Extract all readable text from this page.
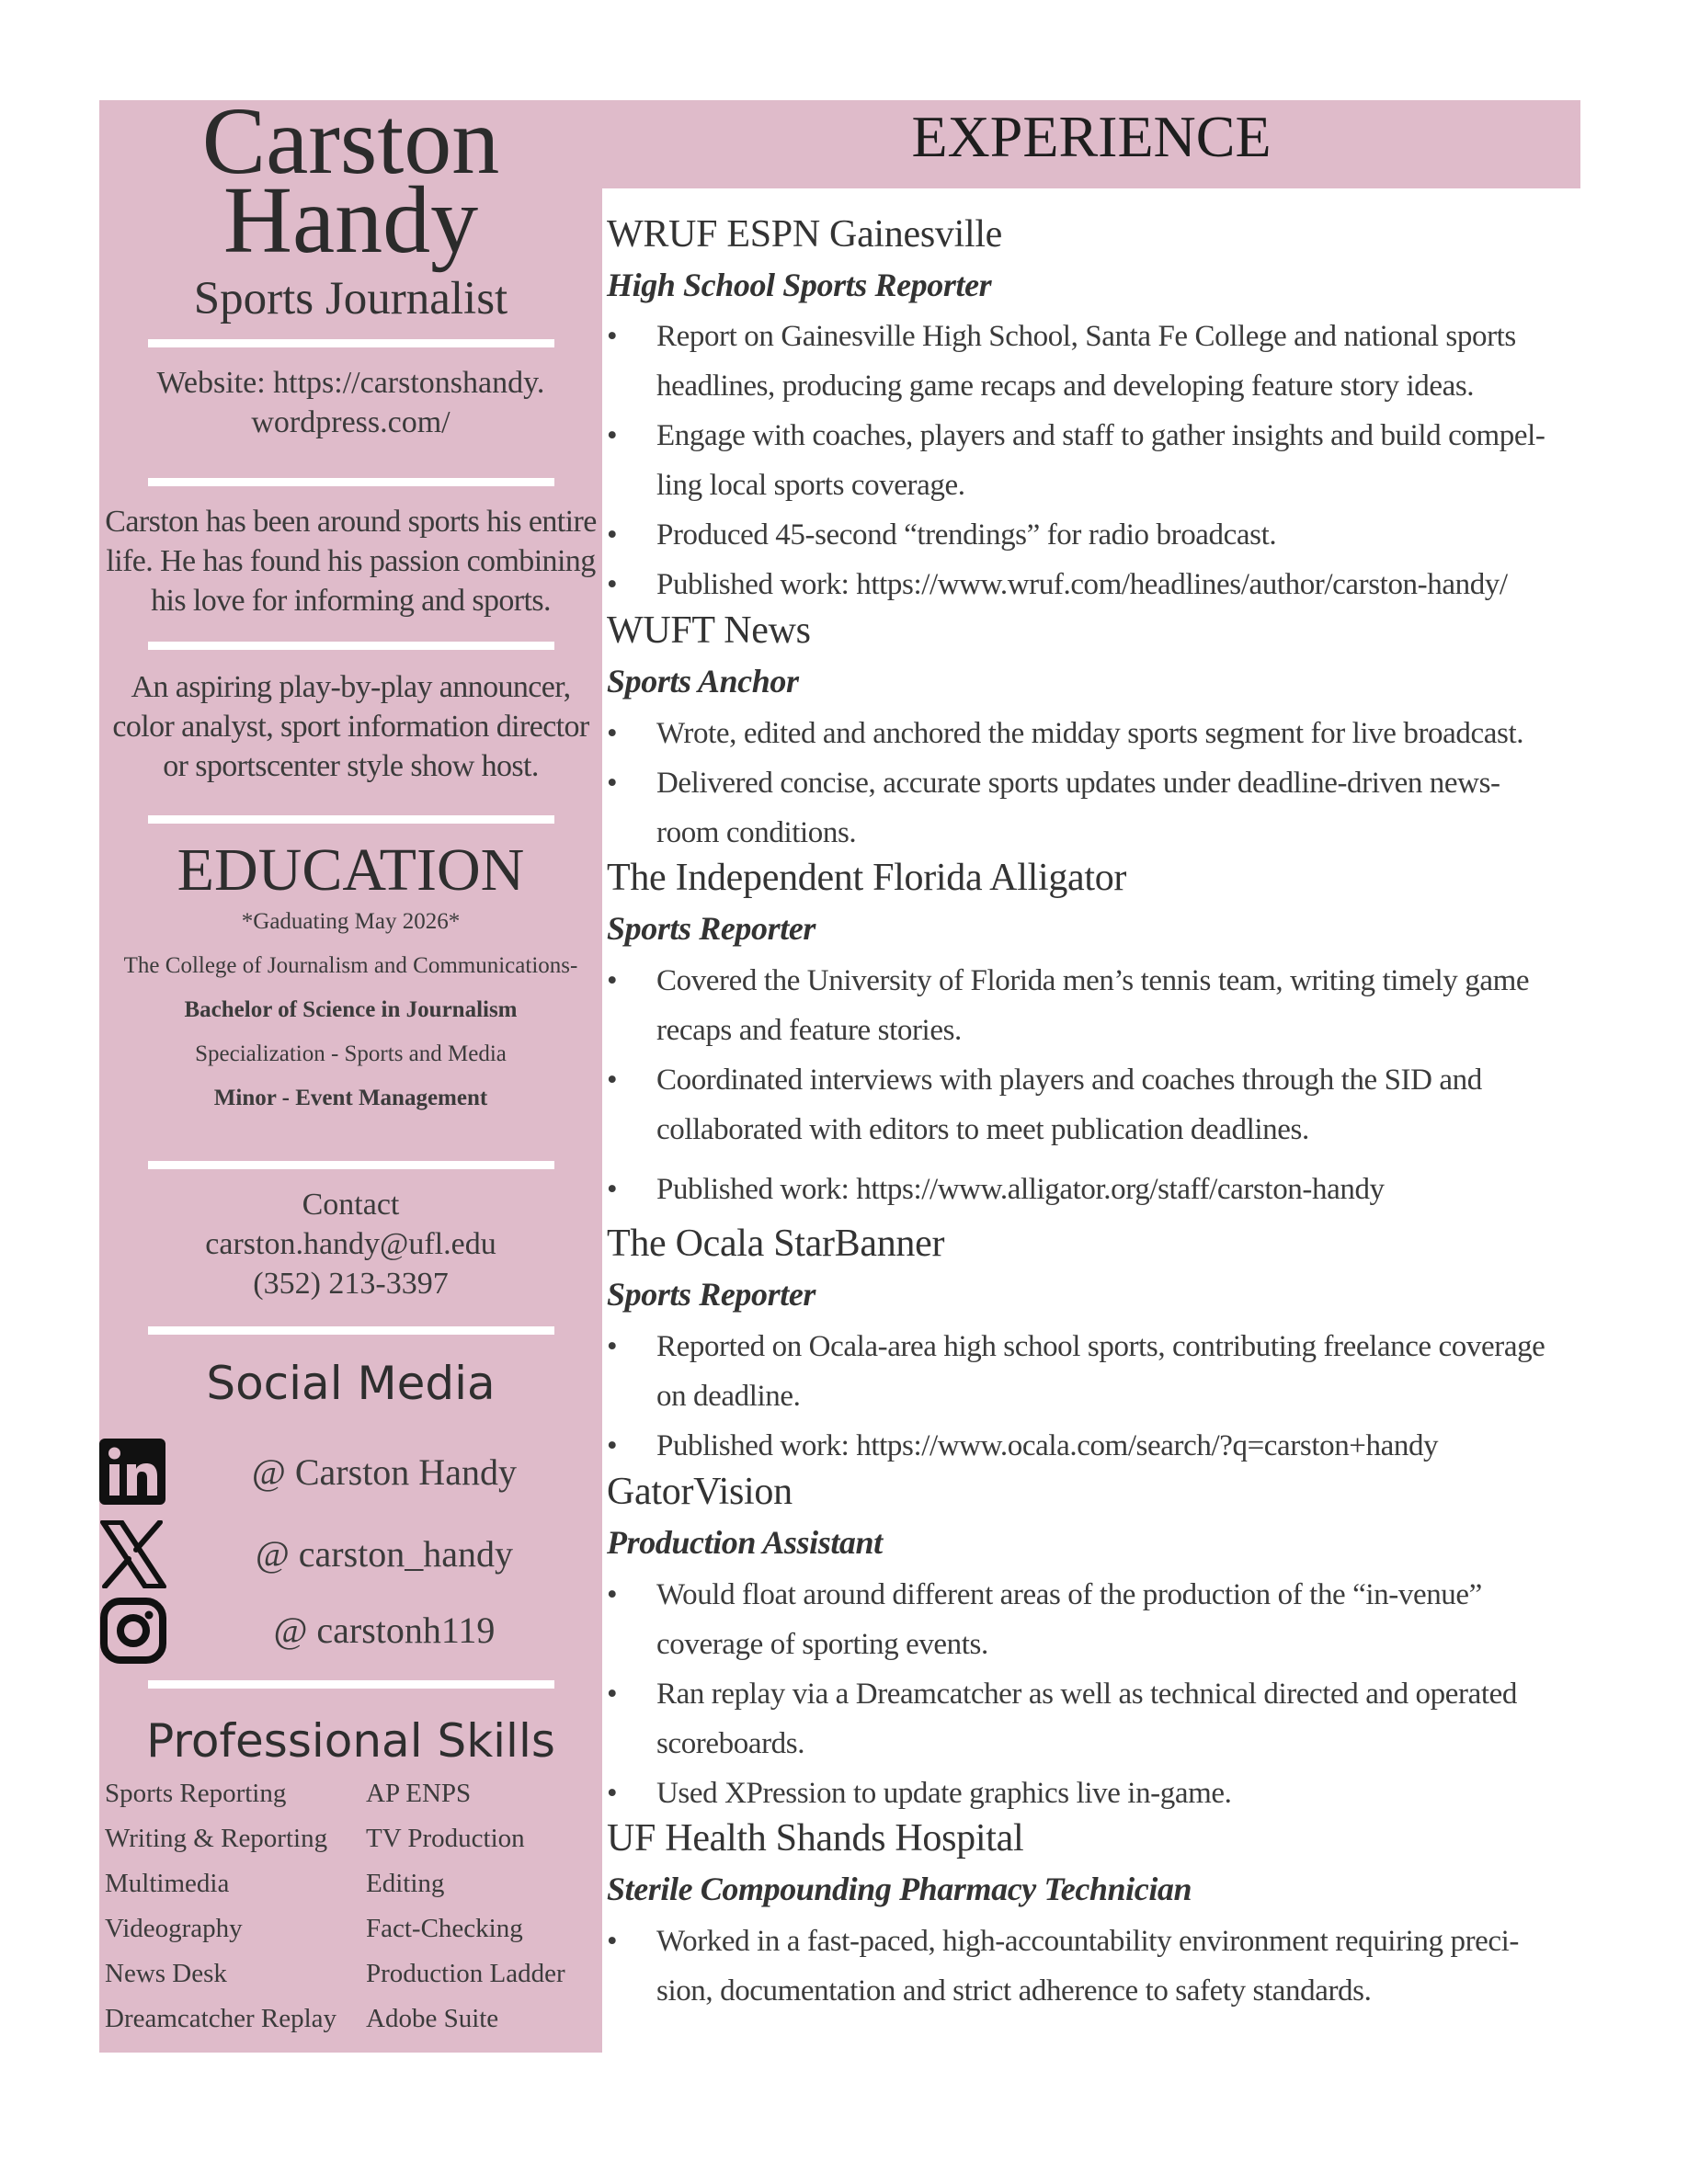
Carston
Handy
Sports Journalist
Website: https://carstonshandy.
wordpress.com/
Carston has been around sports his entire
life. He has found his passion combining
his love for informing and sports.
An aspiring play-by-play announcer,
color analyst, sport information director
or sportscenter style show host.
EDUCATION
*Gaduating May 2026*
The College of Journalism and Communications-
Bachelor of Science in Journalism
Specialization - Sports and Media
Minor - Event Management
Contact
carston.handy@ufl.edu
(352) 213-3397
Social Media
@ Carston Handy
@ carston_handy
@ carstonh119
Professional Skills
Sports Reporting
Writing & Reporting
Multimedia
Videography
News Desk
Dreamcatcher Replay
AP ENPS
TV Production
Editing
Fact-Checking
Production Ladder
Adobe Suite
EXPERIENCE
WRUF ESPN Gainesville
High School Sports Reporter
• Report on Gainesville High School, Santa Fe College and national sports
headlines, producing game recaps and developing feature story ideas.
• Engage with coaches, players and staff to gather insights and build compel-
ling local sports coverage.
• Produced 45-second “trendings” for radio broadcast.
• Published work: https://www.wruf.com/headlines/author/carston-handy/
WUFT News
Sports Anchor
• Wrote, edited and anchored the midday sports segment for live broadcast.
• Delivered concise, accurate sports updates under deadline-driven news-
room conditions.
The Independent Florida Alligator
Sports Reporter
• Covered the University of Florida men’s tennis team, writing timely game
recaps and feature stories.
• Coordinated interviews with players and coaches through the SID and
collaborated with editors to meet publication deadlines.
• Published work: https://www.alligator.org/staff/carston-handy
The Ocala StarBanner
Sports Reporter
• Reported on Ocala-area high school sports, contributing freelance coverage
on deadline.
• Published work: https://www.ocala.com/search/?q=carston+handy
GatorVision
Production Assistant
• Would float around different areas of the production of the “in-venue”
coverage of sporting events.
• Ran replay via a Dreamcatcher as well as technical directed and operated
scoreboards.
• Used XPression to update graphics live in-game.
UF Health Shands Hospital
Sterile Compounding Pharmacy Technician
• Worked in a fast-paced, high-accountability environment requiring preci-
sion, documentation and strict adherence to safety standards.
